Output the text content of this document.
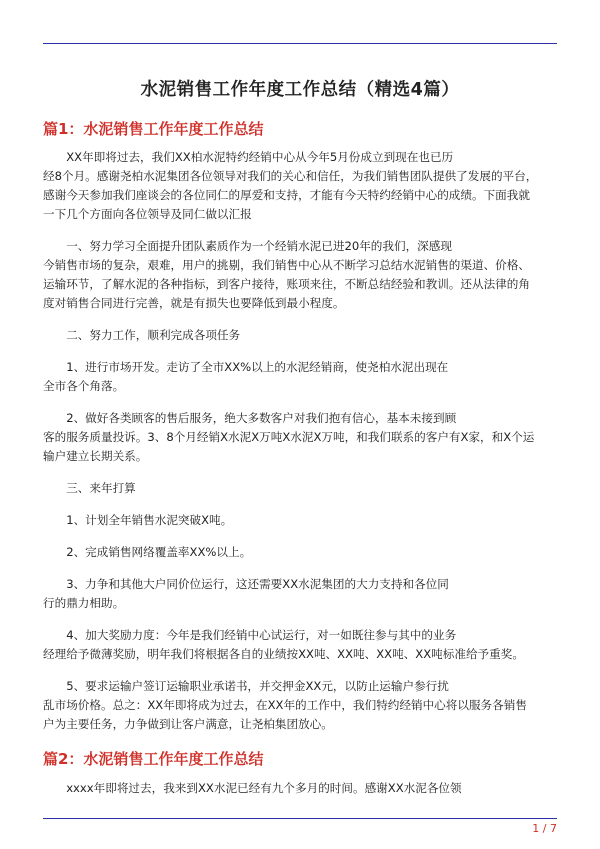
水泥销售工作年度工作总结（精选4篇）
篇1：水泥销售工作年度工作总结
　　XX年即将过去，我们XX柏水泥特约经销中心从今年5月份成立到现在也已历
经8个月。感谢尧柏水泥集团各位领导对我们的关心和信任，为我们销售团队提供了发展的平台，
感谢今天参加我们座谈会的各位同仁的厚爱和支持，才能有今天特约经销中心的成绩。下面我就
一下几个方面向各位领导及同仁做以汇报
　　一、努力学习全面提升团队素质作为一个经销水泥已进20年的我们，深感现
今销售市场的复杂，艰难，用户的挑剔，我们销售中心从不断学习总结水泥销售的渠道、价格、
运输环节，了解水泥的各种指标，到客户接待，账项来往，不断总结经验和教训。还从法律的角
度对销售合同进行完善，就是有损失也要降低到最小程度。
　　二、努力工作，顺利完成各项任务
　　1、进行市场开发。走访了全市XX%以上的水泥经销商，使尧柏水泥出现在
全市各个角落。
　　2、做好各类顾客的售后服务，绝大多数客户对我们抱有信心，基本未接到顾
客的服务质量投诉。3、8个月经销X水泥X万吨X水泥X万吨，和我们联系的客户有X家，和X个运
输户建立长期关系。
　　三、来年打算
　　1、计划全年销售水泥突破X吨。
　　2、完成销售网络覆盖率XX%以上。
　　3、力争和其他大户同价位运行，这还需要XX水泥集团的大力支持和各位同
行的鼎力相助。
　　4、加大奖励力度：今年是我们经销中心试运行，对一如既往参与其中的业务
经理给予微薄奖励，明年我们将根据各自的业绩按XX吨、XX吨、XX吨、XX吨标准给予重奖。
　　5、要求运输户签订运输职业承诺书，并交押金XX元，以防止运输户参行扰
乱市场价格。总之：XX年即将成为过去，在XX年的工作中，我们特约经销中心将以服务各销售
户为主要任务，力争做到让客户满意，让尧柏集团放心。
篇2：水泥销售工作年度工作总结
　　xxxx年即将过去，我来到XX水泥已经有九个多月的时间。感谢XX水泥各位领
1 / 7
